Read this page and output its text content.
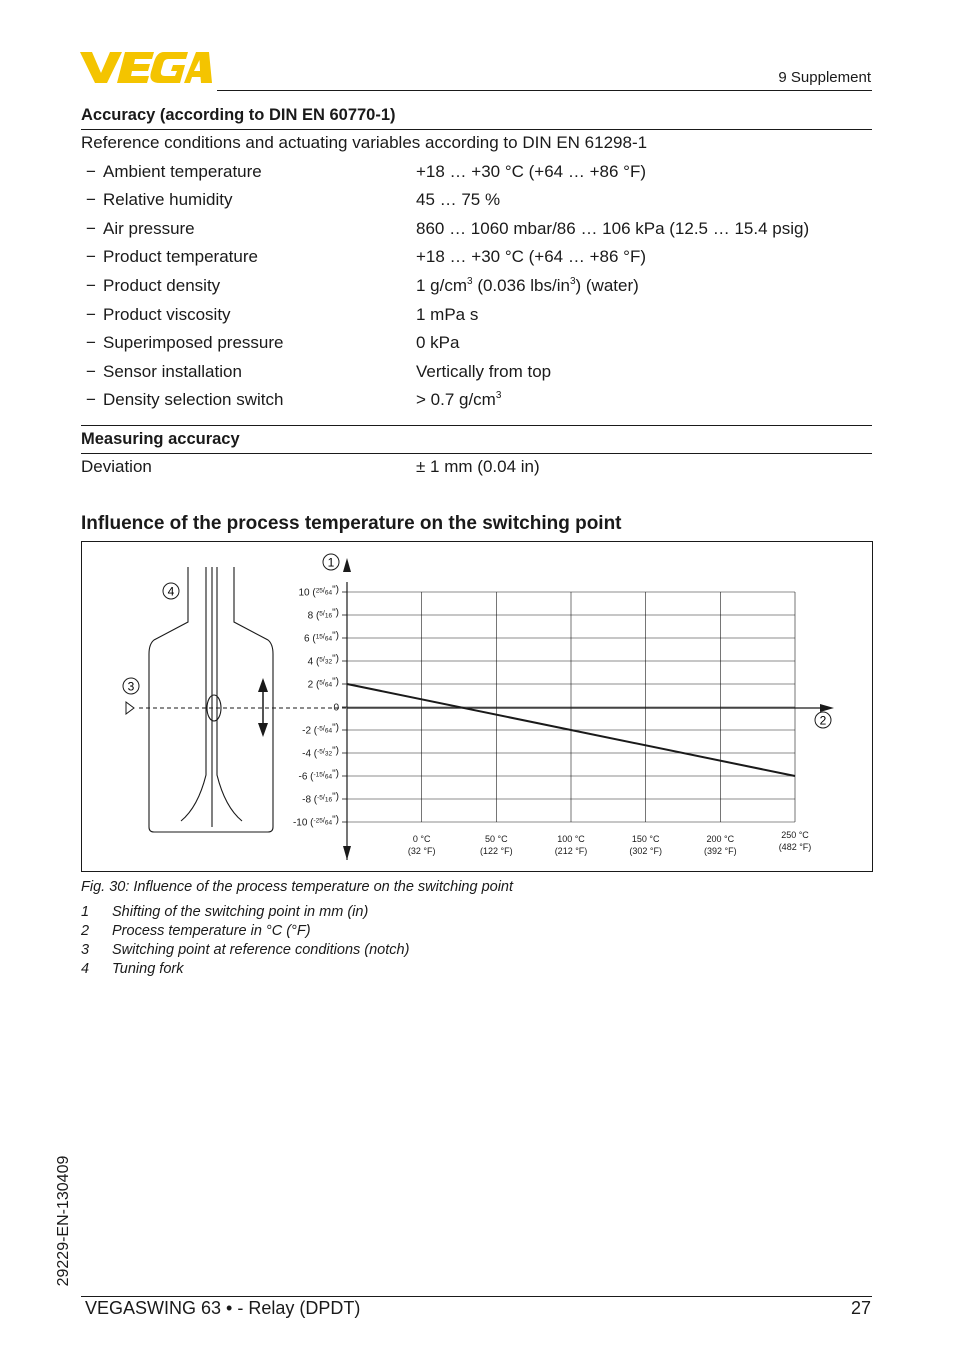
9 Supplement
Accuracy (according to DIN EN 60770-1)
Reference conditions and actuating variables according to DIN EN 61298-1
− Ambient temperature	+18 … +30 °C (+64 … +86 °F)
− Relative humidity	45 … 75 %
− Air pressure	860 … 1060 mbar/86 … 106 kPa (12.5 … 15.4 psig)
− Product temperature	+18 … +30 °C (+64 … +86 °F)
− Product density	1 $g/cm^3$ (0.036 lbs/$in^3$) (water)
− Product viscosity	1 mPa s
− Superimposed pressure	0 kPa
− Sensor installation	Vertically from top
− Density selection switch	> 0.7 $g/cm^3$
Measuring accuracy
Deviation	± 1 mm (0.04 in)
Influence of the process temperature on the switching point
10 $(^{25}/_{64}")$
8 $(^5/_{16}")$
6 $(^{15}/_{64}")$
4 $(^5/_{32}")$
2 $(^5/_{64}")$
0
-2 $(^{-5}/_{64}")$
-4 $(^{-5}/_{32}")$
-6 $(^{-15}/_{64}")$
-8 $(^{-5}/_{16}")$
-10 $(^{-25}/_{64}")$
0 °C
(32 °F)
50 °C
(122 °F)
100 °C
(212 °F)
150 °C
(302 °F)
200 °C
(392 °F)
250 °C
(482 °F)
1
2
3
4
Fig. 30: Influence of the process temperature on the switching point
1 Shifting of the switching point in mm (in)
2 Process temperature in °C (°F)
3 Switching point at reference conditions (notch)
4 Tuning fork
29229-EN-130409
VEGASWING 63 • - Relay (DPDT)	27
